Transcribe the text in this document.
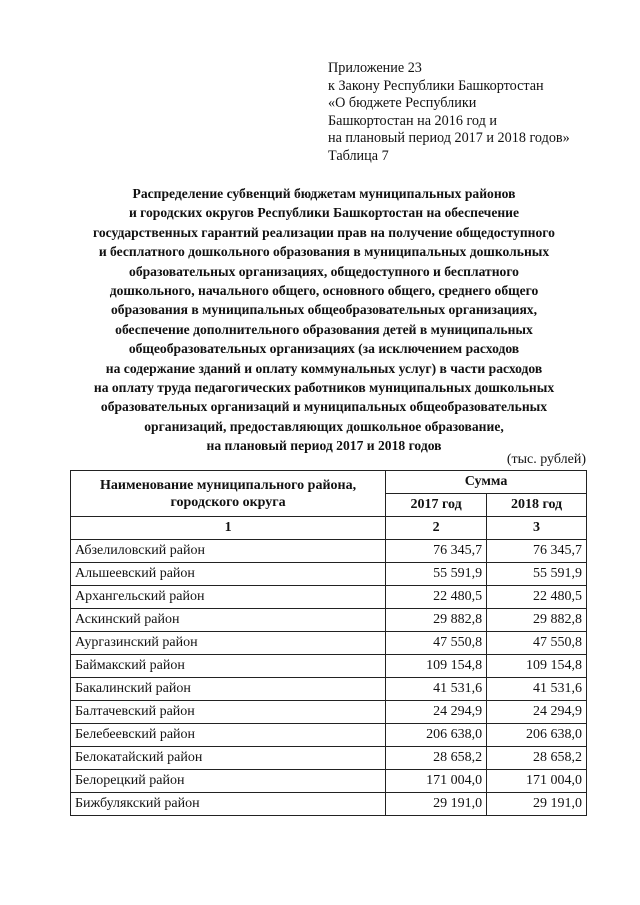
Приложение 23
к Закону Республики Башкортостан
«О бюджете Республики
Башкортостан на 2016 год и
на плановый период 2017 и 2018 годов»
Таблица 7
Распределение субвенций бюджетам муниципальных районов
и городских округов Республики Башкортостан на обеспечение
государственных гарантий реализации прав на получение общедоступного
и бесплатного дошкольного образования в муниципальных дошкольных
образовательных организациях, общедоступного и бесплатного
дошкольного, начального общего, основного общего, среднего общего
образования в муниципальных общеобразовательных организациях,
обеспечение дополнительного образования детей в муниципальных
общеобразовательных организациях (за исключением расходов
на содержание зданий и оплату коммунальных услуг) в части расходов
на оплату труда педагогических работников муниципальных дошкольных
образовательных организаций и муниципальных общеобразовательных
организаций, предоставляющих дошкольное образование,
на плановый период 2017 и 2018 годов
(тыс. рублей)
Наименование муниципального района, городского округа	Сумма	
	2017 год	2018 год
1	2	3
Абзелиловский район	76 345,7	76 345,7
Альшеевский район	55 591,9	55 591,9
Архангельский район	22 480,5	22 480,5
Аскинский район	29 882,8	29 882,8
Аургазинский район	47 550,8	47 550,8
Баймакский район	109 154,8	109 154,8
Бакалинский район	41 531,6	41 531,6
Балтачевский район	24 294,9	24 294,9
Белебеевский район	206 638,0	206 638,0
Белокатайский район	28 658,2	28 658,2
Белорецкий район	171 004,0	171 004,0
Бижбулякский район	29 191,0	29 191,0
